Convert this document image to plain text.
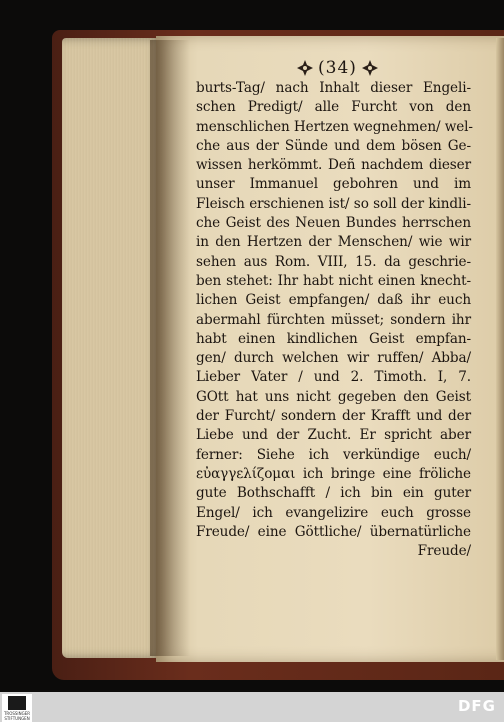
(34)
burts-Tag/ nach Inhalt dieser Engeli-
schen Predigt/ alle Furcht von den
menschlichen Hertzen wegnehmen/ wel-
che aus der Sünde und dem bösen Ge-
wissen herkömmt. Deñ nachdem dieser
unser Immanuel gebohren und im
Fleisch erschienen ist/ so soll der kindli-
che Geist des Neuen Bundes herrschen
in den Hertzen der Menschen/ wie wir
sehen aus Rom. VIII, 15. da geschrie-
ben stehet: Ihr habt nicht einen knecht-
lichen Geist empfangen/ daß ihr euch
abermahl fürchten müsset; sondern ihr
habt einen kindlichen Geist empfan-
gen/ durch welchen wir ruffen/ Abba/
Lieber Vater / und 2. Timoth. I, 7.
GOtt hat uns nicht gegeben den Geist
der Furcht/ sondern der Krafft und der
Liebe und der Zucht. Er spricht aber
ferner: Siehe ich verkündige euch/
εὐαγγελίζομαι ich bringe eine fröliche
gute Bothschafft / ich bin ein guter
Engel/ ich evangelizire euch grosse
Freude/ eine Göttliche/ übernatürliche
Freude/
TROSSINGER STIFTUNGEN
DFG
